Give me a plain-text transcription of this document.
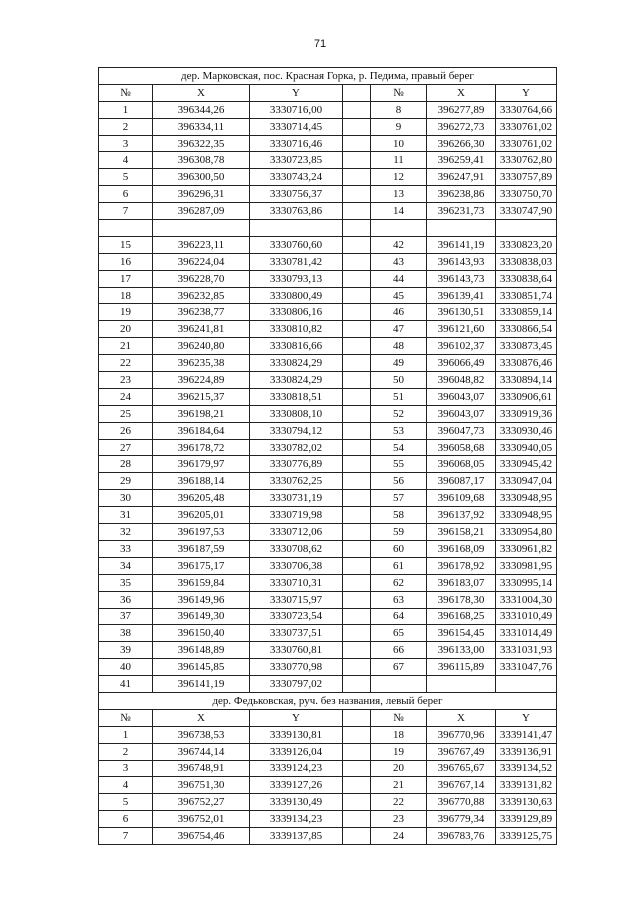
71
дер. Марковская, пос. Красная Горка, р. Педима, правый берег						
№	X	Y		№	X	Y
1	396344,26	3330716,00		8	396277,89	3330764,66
2	396334,11	3330714,45		9	396272,73	3330761,02
3	396322,35	3330716,46		10	396266,30	3330761,02
4	396308,78	3330723,85		11	396259,41	3330762,80
5	396300,50	3330743,24		12	396247,91	3330757,89
6	396296,31	3330756,37		13	396238,86	3330750,70
7	396287,09	3330763,86		14	396231,73	3330747,90

15	396223,11	3330760,60		42	396141,19	3330823,20
16	396224,04	3330781,42		43	396143,93	3330838,03
17	396228,70	3330793,13		44	396143,73	3330838,64
18	396232,85	3330800,49		45	396139,41	3330851,74
19	396238,77	3330806,16		46	396130,51	3330859,14
20	396241,81	3330810,82		47	396121,60	3330866,54
21	396240,80	3330816,66		48	396102,37	3330873,45
22	396235,38	3330824,29		49	396066,49	3330876,46
23	396224,89	3330824,29		50	396048,82	3330894,14
24	396215,37	3330818,51		51	396043,07	3330906,61
25	396198,21	3330808,10		52	396043,07	3330919,36
26	396184,64	3330794,12		53	396047,73	3330930,46
27	396178,72	3330782,02		54	396058,68	3330940,05
28	396179,97	3330776,89		55	396068,05	3330945,42
29	396188,14	3330762,25		56	396087,17	3330947,04
30	396205,48	3330731,19		57	396109,68	3330948,95
31	396205,01	3330719,98		58	396137,92	3330948,95
32	396197,53	3330712,06		59	396158,21	3330954,80
33	396187,59	3330708,62		60	396168,09	3330961,82
34	396175,17	3330706,38		61	396178,92	3330981,95
35	396159,84	3330710,31		62	396183,07	3330995,14
36	396149,96	3330715,97		63	396178,30	3331004,30
37	396149,30	3330723,54		64	396168,25	3331010,49
38	396150,40	3330737,51		65	396154,45	3331014,49
39	396148,89	3330760,81		66	396133,00	3331031,93
40	396145,85	3330770,98		67	396115,89	3331047,76
41	396141,19	3330797,02				
дер. Федьковская, руч. без названия, левый берег						
№	X	Y		№	X	Y
1	396738,53	3339130,81		18	396770,96	3339141,47
2	396744,14	3339126,04		19	396767,49	3339136,91
3	396748,91	3339124,23		20	396765,67	3339134,52
4	396751,30	3339127,26		21	396767,14	3339131,82
5	396752,27	3339130,49		22	396770,88	3339130,63
6	396752,01	3339134,23		23	396779,34	3339129,89
7	396754,46	3339137,85		24	396783,76	3339125,75
